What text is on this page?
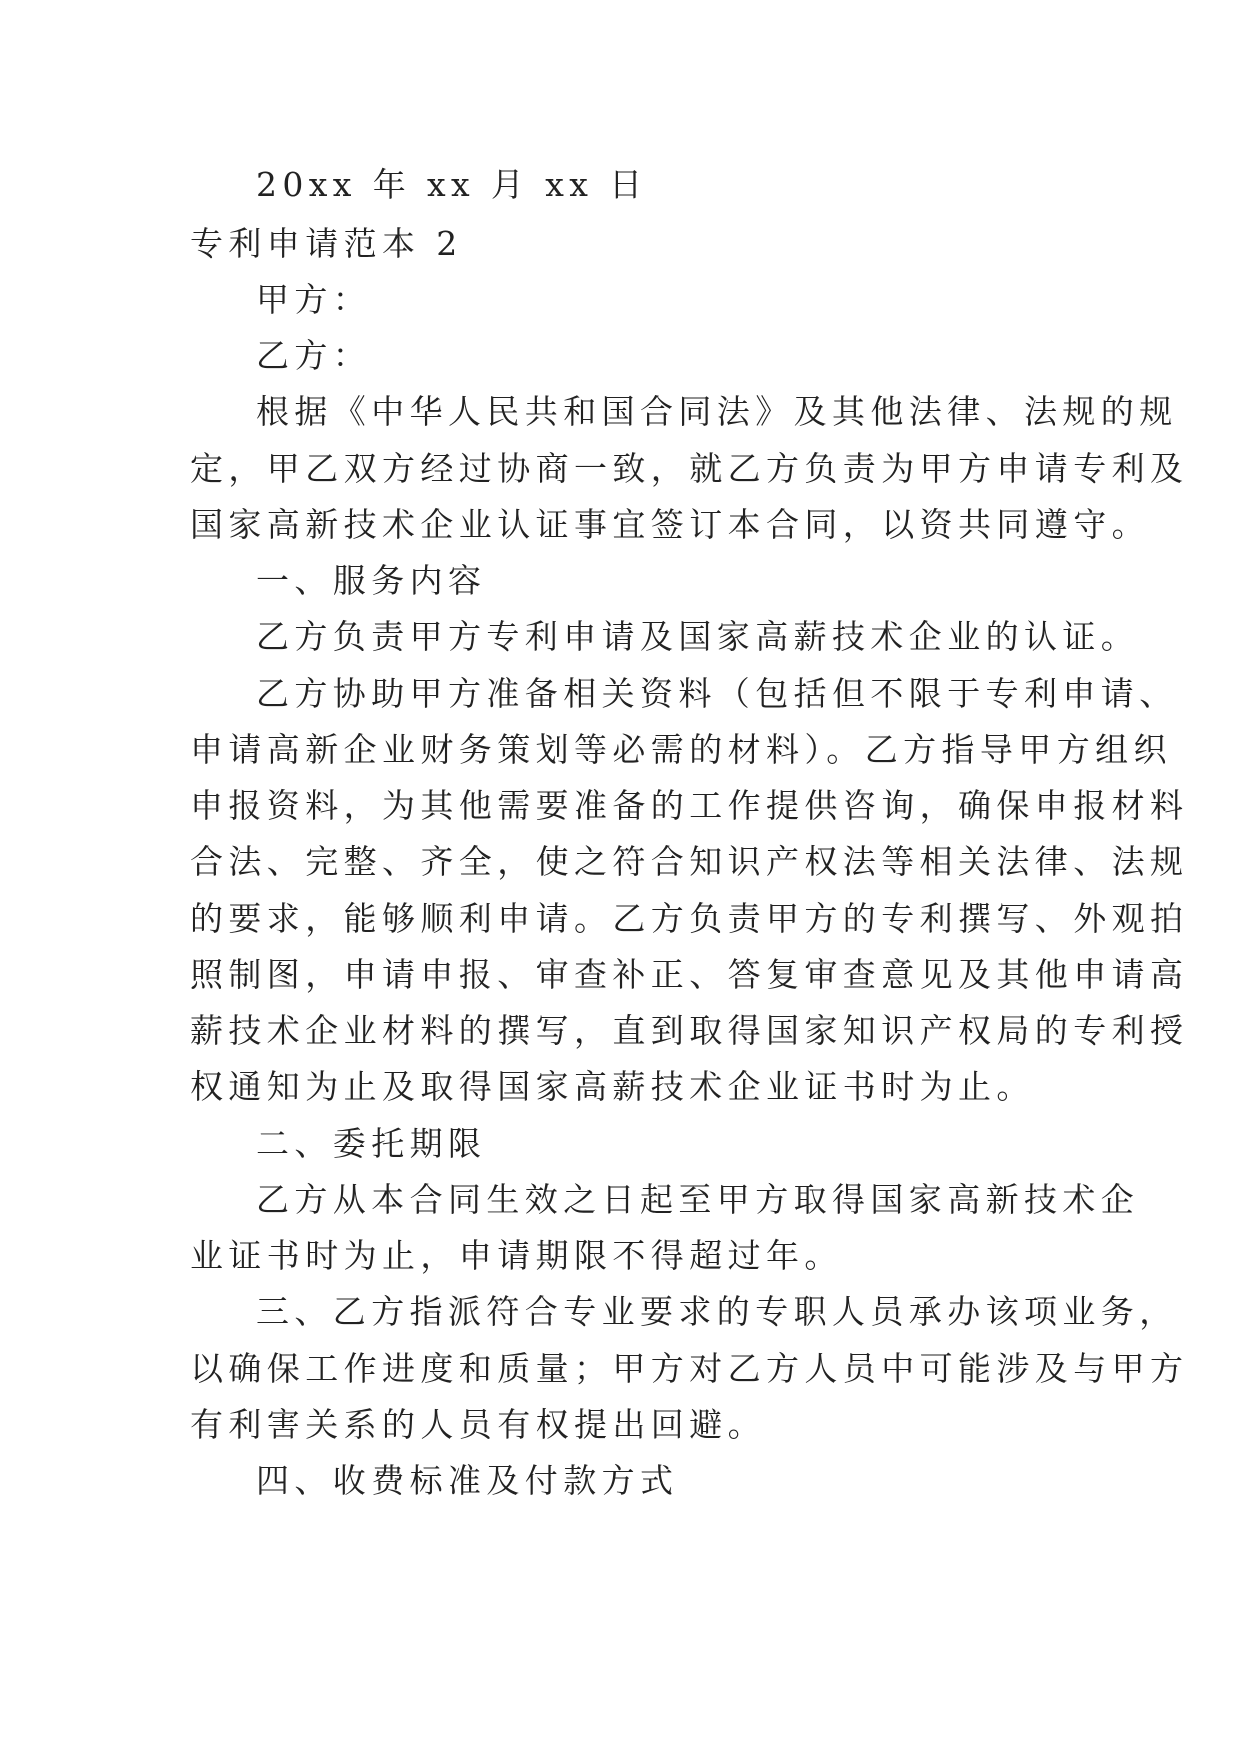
20xx 年 xx 月 xx 日

专利申请范本 2

甲方：

乙方：

根据《中华人民共和国合同法》及其他法律、法规的规

定，甲乙双方经过协商一致，就乙方负责为甲方申请专利及

国家高新技术企业认证事宜签订本合同，以资共同遵守。

一、服务内容

乙方负责甲方专利申请及国家高薪技术企业的认证。

乙方协助甲方准备相关资料（包括但不限于专利申请、

申请高新企业财务策划等必需的材料）。乙方指导甲方组织

申报资料，为其他需要准备的工作提供咨询，确保申报材料

合法、完整、齐全，使之符合知识产权法等相关法律、法规

的要求，能够顺利申请。乙方负责甲方的专利撰写、外观拍

照制图，申请申报、审查补正、答复审查意见及其他申请高

薪技术企业材料的撰写，直到取得国家知识产权局的专利授

权通知为止及取得国家高薪技术企业证书时为止。

二、委托期限

乙方从本合同生效之日起至甲方取得国家高新技术企

业证书时为止，申请期限不得超过年。

三、乙方指派符合专业要求的专职人员承办该项业务，

以确保工作进度和质量；甲方对乙方人员中可能涉及与甲方

有利害关系的人员有权提出回避。

四、收费标准及付款方式
